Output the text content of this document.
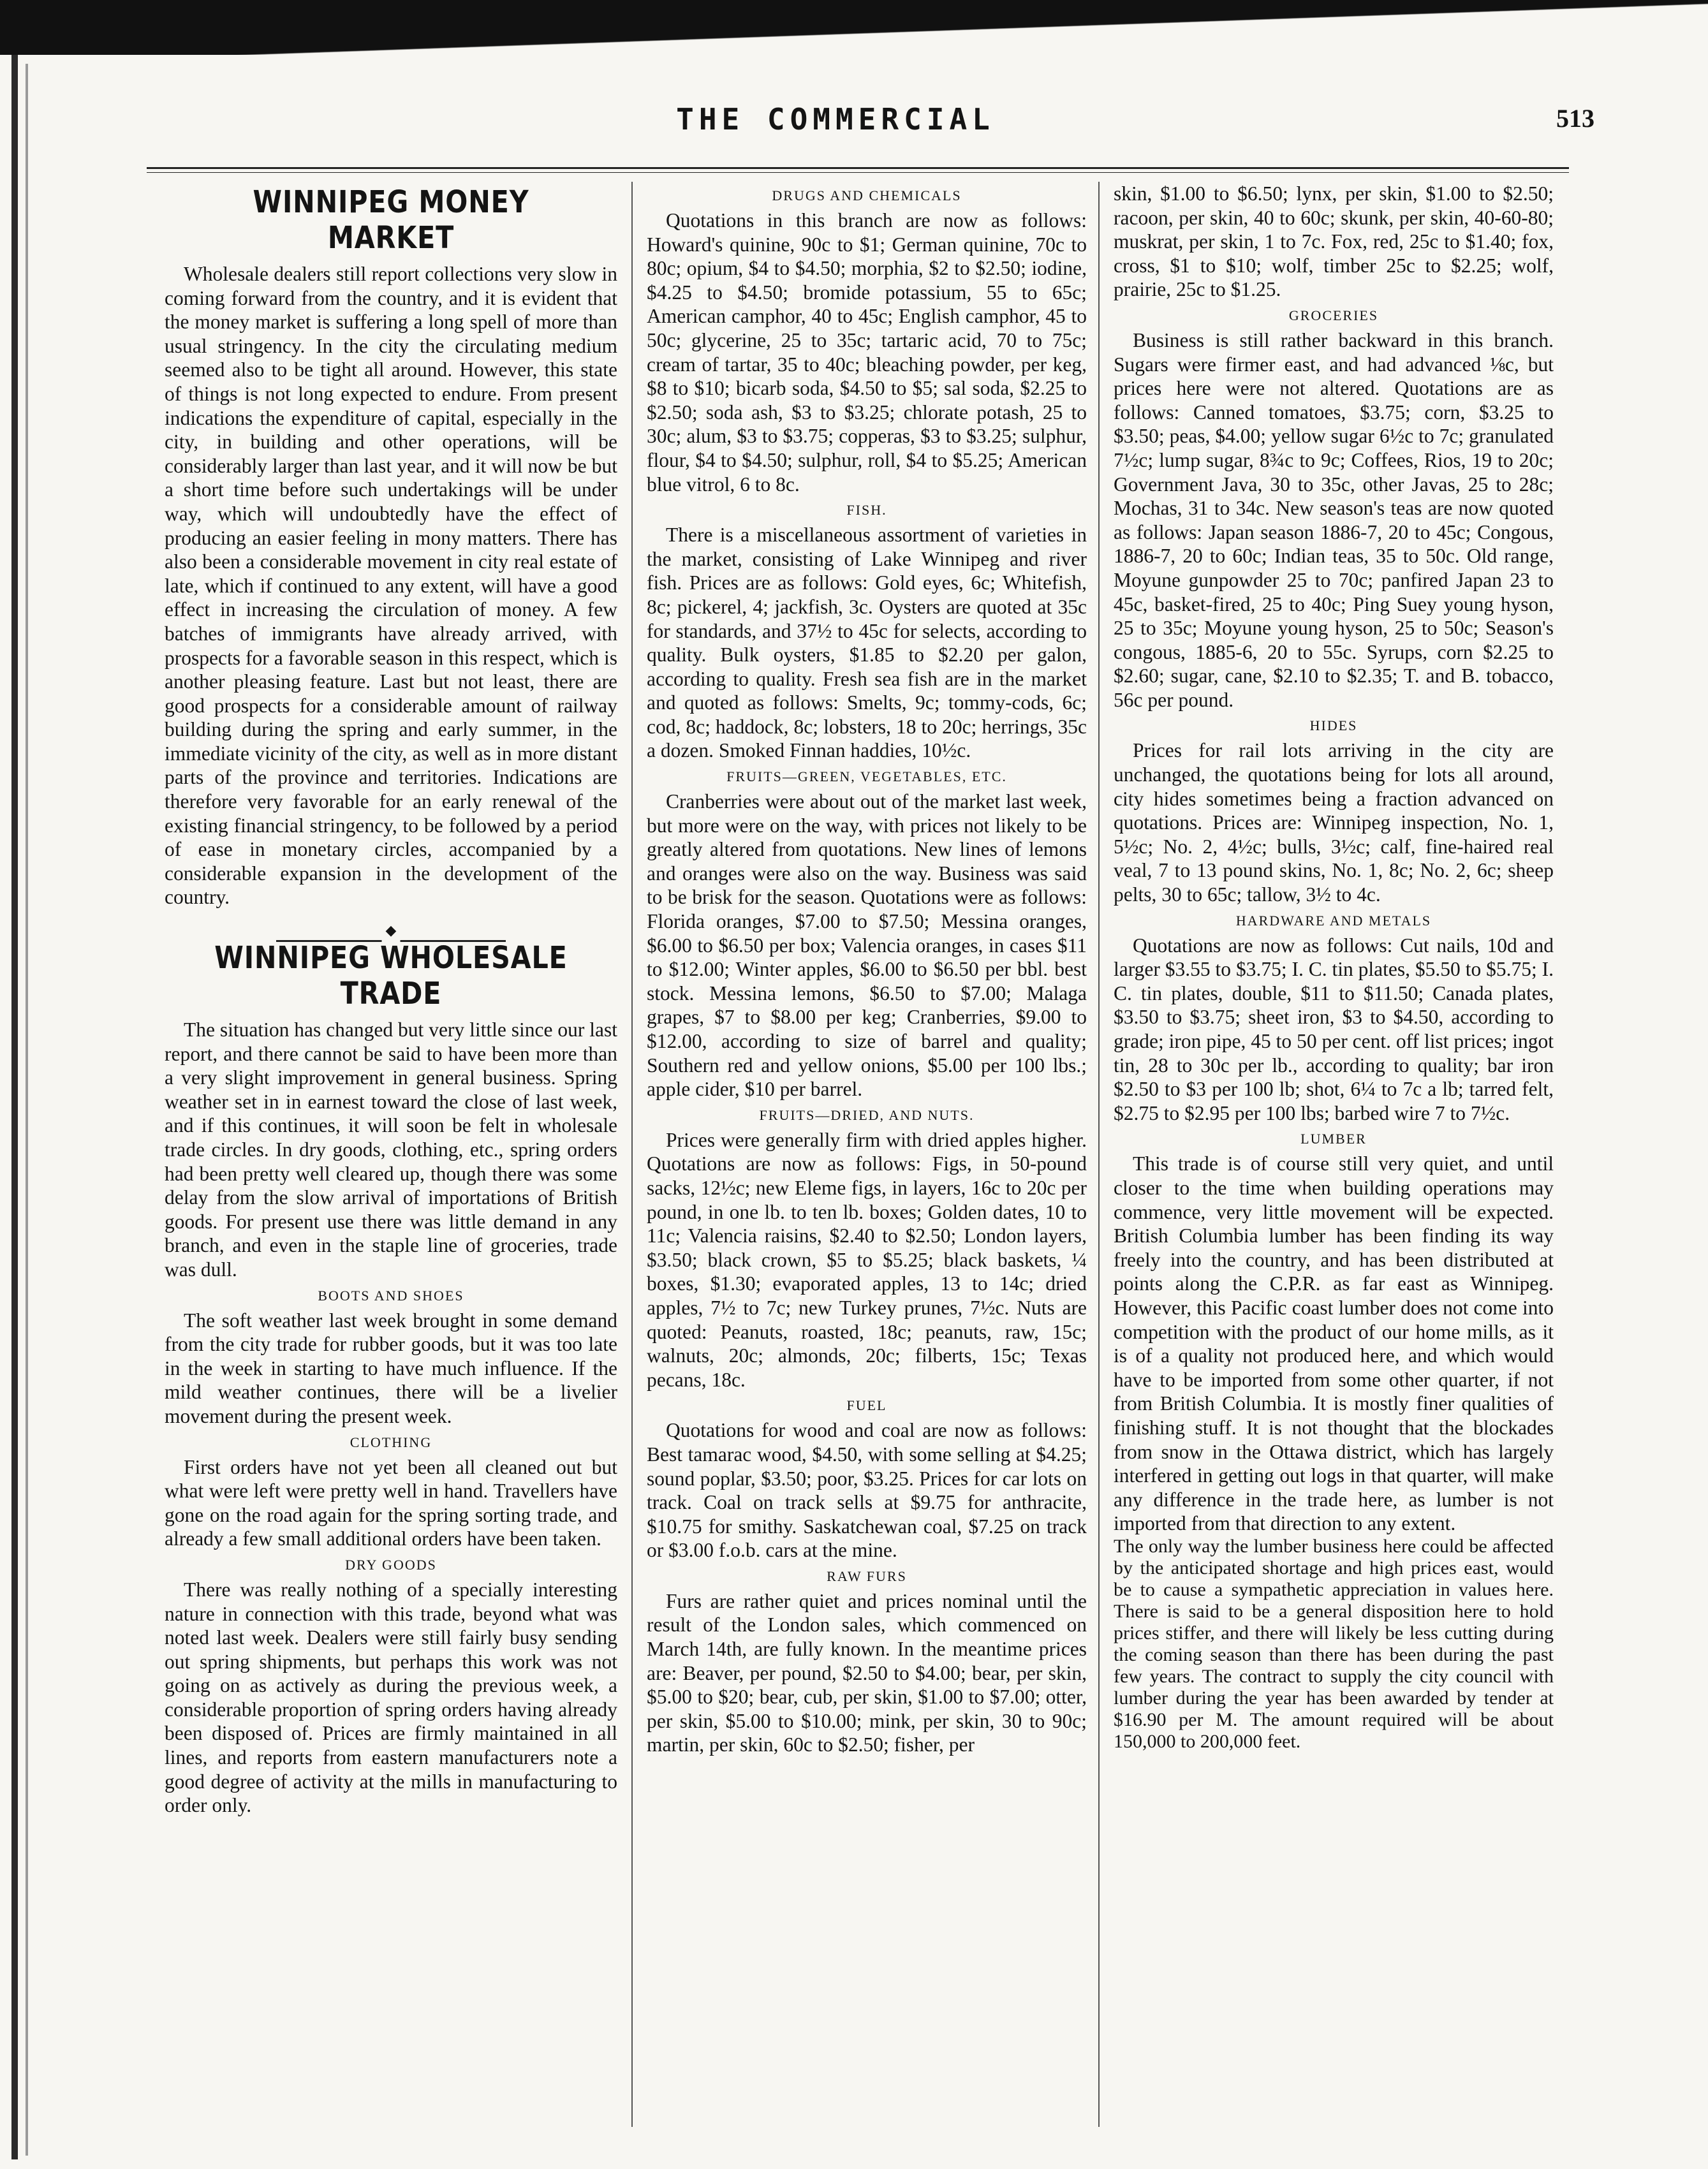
THE COMMERCIAL	513
WINNIPEG MONEY MARKET

Wholesale dealers still report collections very slow in coming forward from the country, and it is evident that the money market is suffering a long spell of more than usual stringency. In the city the circulating medium seemed also to be tight all around. However, this state of things is not long expected to endure. From present indications the expenditure of capital, especially in the city, in building and other operations, will be considerably larger than last year, and it will now be but a short time before such undertakings will be under way, which will undoubtedly have the effect of producing an easier feeling in mony matters. There has also been a considerable movement in city real estate of late, which if continued to any extent, will have a good effect in increasing the circulation of money. A few batches of immigrants have already arrived, with prospects for a favorable season in this respect, which is another pleasing feature. Last but not least, there are good prospects for a considerable amount of railway building during the spring and early summer, in the immediate vicinity of the city, as well as in more distant parts of the province and territories. Indications are therefore very favorable for an early renewal of the existing financial stringency, to be followed by a period of ease in monetary circles, accompanied by a considerable expansion in the development of the country.

◆
WINNIPEG WHOLESALE TRADE

The situation has changed but very little since our last report, and there cannot be said to have been more than a very slight improvement in general business. Spring weather set in in earnest toward the close of last week, and if this continues, it will soon be felt in wholesale trade circles. In dry goods, clothing, etc., spring orders had been pretty well cleared up, though there was some delay from the slow arrival of importations of British goods. For present use there was little demand in any branch, and even in the staple line of groceries, trade was dull.

BOOTS AND SHOES

The soft weather last week brought in some demand from the city trade for rubber goods, but it was too late in the week in starting to have much influence. If the mild weather continues, there will be a livelier movement during the present week.

CLOTHING

First orders have not yet been all cleaned out but what were left were pretty well in hand. Travellers have gone on the road again for the spring sorting trade, and already a few small additional orders have been taken.

DRY GOODS

There was really nothing of a specially interesting nature in connection with this trade, beyond what was noted last week. Dealers were still fairly busy sending out spring shipments, but perhaps this work was not going on as actively as during the previous week, a considerable proportion of spring orders having already been disposed of. Prices are firmly maintained in all lines, and reports from eastern manufacturers note a good degree of activity at the mills in manufacturing to order only.

DRUGS AND CHEMICALS

Quotations in this branch are now as follows: Howard's quinine, 90c to $1; German quinine, 70c to 80c; opium, $4 to $4.50; morphia, $2 to $2.50; iodine, $4.25 to $4.50; bromide potassium, 55 to 65c; American camphor, 40 to 45c; English camphor, 45 to 50c; glycerine, 25 to 35c; tartaric acid, 70 to 75c; cream of tartar, 35 to 40c; bleaching powder, per keg, $8 to $10; bicarb soda, $4.50 to $5; sal soda, $2.25 to $2.50; soda ash, $3 to $3.25; chlorate potash, 25 to 30c; alum, $3 to $3.75; copperas, $3 to $3.25; sulphur, flour, $4 to $4.50; sulphur, roll, $4 to $5.25; American blue vitrol, 6 to 8c.

FISH.

There is a miscellaneous assortment of varieties in the market, consisting of Lake Winnipeg and river fish. Prices are as follows: Gold eyes, 6c; Whitefish, 8c; pickerel, 4; jackfish, 3c. Oysters are quoted at 35c for standards, and 37½ to 45c for selects, according to quality. Bulk oysters, $1.85 to $2.20 per galon, according to quality. Fresh sea fish are in the market and quoted as follows: Smelts, 9c; tommy-cods, 6c; cod, 8c; haddock, 8c; lobsters, 18 to 20c; herrings, 35c a dozen. Smoked Finnan haddies, 10½c.

FRUITS—GREEN, VEGETABLES, ETC.

Cranberries were about out of the market last week, but more were on the way, with prices not likely to be greatly altered from quotations. New lines of lemons and oranges were also on the way. Business was said to be brisk for the season. Quotations were as follows: Florida oranges, $7.00 to $7.50; Messina oranges, $6.00 to $6.50 per box; Valencia oranges, in cases $11 to $12.00; Winter apples, $6.00 to $6.50 per bbl. best stock. Messina lemons, $6.50 to $7.00; Malaga grapes, $7 to $8.00 per keg; Cranberries, $9.00 to $12.00, according to size of barrel and quality; Southern red and yellow onions, $5.00 per 100 lbs.; apple cider, $10 per barrel.

FRUITS—DRIED, AND NUTS.

Prices were generally firm with dried apples higher. Quotations are now as follows: Figs, in 50-pound sacks, 12½c; new Eleme figs, in layers, 16c to 20c per pound, in one lb. to ten lb. boxes; Golden dates, 10 to 11c; Valencia raisins, $2.40 to $2.50; London layers, $3.50; black crown, $5 to $5.25; black baskets, ¼ boxes, $1.30; evaporated apples, 13 to 14c; dried apples, 7½ to 7c; new Turkey prunes, 7½c. Nuts are quoted: Peanuts, roasted, 18c; peanuts, raw, 15c; walnuts, 20c; almonds, 20c; filberts, 15c; Texas pecans, 18c.

FUEL

Quotations for wood and coal are now as follows: Best tamarac wood, $4.50, with some selling at $4.25; sound poplar, $3.50; poor, $3.25. Prices for car lots on track. Coal on track sells at $9.75 for anthracite, $10.75 for smithy. Saskatchewan coal, $7.25 on track or $3.00 f.o.b. cars at the mine.

RAW FURS

Furs are rather quiet and prices nominal until the result of the London sales, which commenced on March 14th, are fully known. In the meantime prices are: Beaver, per pound, $2.50 to $4.00; bear, per skin, $5.00 to $20; bear, cub, per skin, $1.00 to $7.00; otter, per skin, $5.00 to $10.00; mink, per skin, 30 to 90c; martin, per skin, 60c to $2.50; fisher, per

skin, $1.00 to $6.50; lynx, per skin, $1.00 to $2.50; racoon, per skin, 40 to 60c; skunk, per skin, 40-60-80; muskrat, per skin, 1 to 7c. Fox, red, 25c to $1.40; fox, cross, $1 to $10; wolf, timber 25c to $2.25; wolf, prairie, 25c to $1.25.

GROCERIES

Business is still rather backward in this branch. Sugars were firmer east, and had advanced ⅛c, but prices here were not altered. Quotations are as follows: Canned tomatoes, $3.75; corn, $3.25 to $3.50; peas, $4.00; yellow sugar 6½c to 7c; granulated 7½c; lump sugar, 8¾c to 9c; Coffees, Rios, 19 to 20c; Government Java, 30 to 35c, other Javas, 25 to 28c; Mochas, 31 to 34c. New season's teas are now quoted as follows: Japan season 1886-7, 20 to 45c; Congous, 1886-7, 20 to 60c; Indian teas, 35 to 50c. Old range, Moyune gunpowder 25 to 70c; panfired Japan 23 to 45c, basket-fired, 25 to 40c; Ping Suey young hyson, 25 to 35c; Moyune young hyson, 25 to 50c; Season's congous, 1885-6, 20 to 55c. Syrups, corn $2.25 to $2.60; sugar, cane, $2.10 to $2.35; T. and B. tobacco, 56c per pound.

HIDES

Prices for rail lots arriving in the city are unchanged, the quotations being for lots all around, city hides sometimes being a fraction advanced on quotations. Prices are: Winnipeg inspection, No. 1, 5½c; No. 2, 4½c; bulls, 3½c; calf, fine-haired real veal, 7 to 13 pound skins, No. 1, 8c; No. 2, 6c; sheep pelts, 30 to 65c; tallow, 3½ to 4c.

HARDWARE AND METALS

Quotations are now as follows: Cut nails, 10d and larger $3.55 to $3.75; I. C. tin plates, $5.50 to $5.75; I. C. tin plates, double, $11 to $11.50; Canada plates, $3.50 to $3.75; sheet iron, $3 to $4.50, according to grade; iron pipe, 45 to 50 per cent. off list prices; ingot tin, 28 to 30c per lb., according to quality; bar iron $2.50 to $3 per 100 lb; shot, 6¼ to 7c a lb; tarred felt, $2.75 to $2.95 per 100 lbs; barbed wire 7 to 7½c.

LUMBER

This trade is of course still very quiet, and until closer to the time when building operations may commence, very little movement will be expected. British Columbia lumber has been finding its way freely into the country, and has been distributed at points along the C.P.R. as far east as Winnipeg. However, this Pacific coast lumber does not come into competition with the product of our home mills, as it is of a quality not produced here, and which would have to be imported from some other quarter, if not from British Columbia. It is mostly finer qualities of finishing stuff. It is not thought that the blockades from snow in the Ottawa district, which has largely interfered in getting out logs in that quarter, will make any difference in the trade here, as lumber is not imported from that direction to any extent.

The only way the lumber business here could be affected by the anticipated shortage and high prices east, would be to cause a sympathetic appreciation in values here. There is said to be a general disposition here to hold prices stiffer, and there will likely be less cutting during the coming season than there has been during the past few years. The contract to supply the city council with lumber during the year has been awarded by tender at $16.90 per M. The amount required will be about 150,000 to 200,000 feet.
